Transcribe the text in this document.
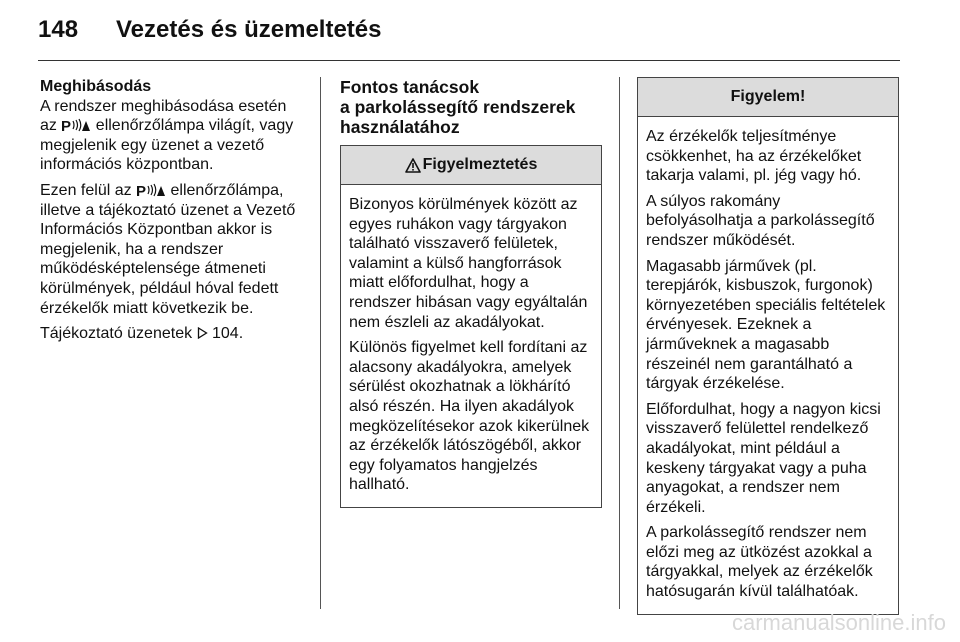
148 Vezetés és üzemeltetés

Meghibásodás
A rendszer meghibásodása esetén az P ellenőrzőlámpa világít, vagy megjelenik egy üzenet a vezető információs központban.

Ezen felül az P ellenőrzőlámpa, illetve a tájékoztató üzenet a Vezető Információs Központban akkor is megjelenik, ha a rendszer működésképtelensége átmeneti körülmények, például hóval fedett érzékelők miatt következik be.

Tájékoztató üzenetek  104.

Fontos tanácsok
a parkolássegítő rendszerek
használatához
Figyelmeztetés

Bizonyos körülmények között az egyes ruhákon vagy tárgyakon található visszaverő felületek, valamint a külső hangforrások miatt előfordulhat, hogy a rendszer hibásan vagy egyáltalán nem észleli az akadályokat.

Különös figyelmet kell fordítani az alacsony akadályokra, amelyek sérülést okozhatnak a lökhárító alsó részén. Ha ilyen akadályok megközelítésekor azok kikerülnek az érzékelők látószögéből, akkor egy folyamatos hangjelzés hallható.

Figyelem!

Az érzékelők teljesítménye csökkenhet, ha az érzékelőket takarja valami, pl. jég vagy hó.

A súlyos rakomány befolyásolhatja a parkolássegítő rendszer működését.

Magasabb járművek (pl. terepjárók, kisbuszok, furgonok) környezetében speciális feltételek érvényesek. Ezeknek a járműveknek a magasabb részeinél nem garantálható a tárgyak érzékelése.

Előfordulhat, hogy a nagyon kicsi visszaverő felülettel rendelkező akadályokat, mint például a keskeny tárgyakat vagy a puha anyagokat, a rendszer nem érzékeli.

A parkolássegítő rendszer nem előzi meg az ütközést azokkal a tárgyakkal, melyek az érzékelők hatósugarán kívül találhatóak.

carmanualsonline.info
